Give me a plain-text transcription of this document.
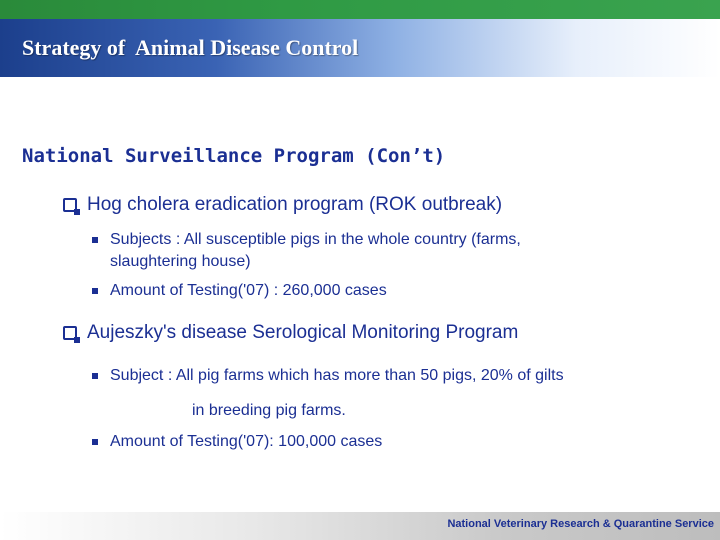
Strategy of  Animal Disease Control
National Surveillance Program (Con’t)
Hog cholera eradication program (ROK outbreak)
Subjects : All susceptible pigs in the whole country (farms,
slaughtering house)
Amount of Testing('07) : 260,000 cases
Aujeszky's disease Serological Monitoring Program
Subject : All pig farms which has more than 50 pigs, 20% of gilts
in breeding pig farms.
Amount of Testing('07): 100,000 cases
National Veterinary Research & Quarantine Service
